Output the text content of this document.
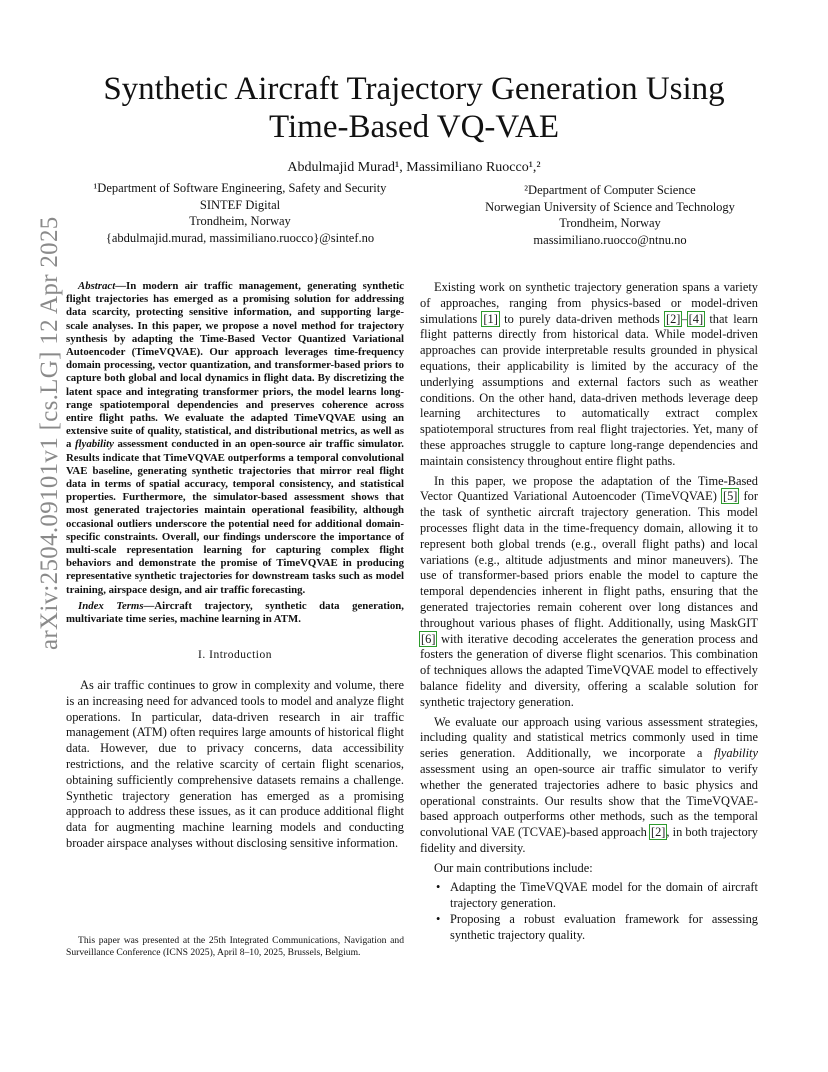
arXiv:2504.09101v1 [cs.LG] 12 Apr 2025
Synthetic Aircraft Trajectory Generation Using Time-Based VQ-VAE
Abdulmajid Murad¹, Massimiliano Ruocco¹,²
¹Department of Software Engineering, Safety and Security
SINTEF Digital
Trondheim, Norway
{abdulmajid.murad, massimiliano.ruocco}@sintef.no
²Department of Computer Science
Norwegian University of Science and Technology
Trondheim, Norway
massimiliano.ruocco@ntnu.no

Abstract—In modern air traffic management, generating synthetic flight trajectories has emerged as a promising solution for addressing data scarcity, protecting sensitive information, and supporting large-scale analyses. In this paper, we propose a novel method for trajectory synthesis by adapting the Time-Based Vector Quantized Variational Autoencoder (TimeVQVAE). Our approach leverages time-frequency domain processing, vector quantization, and transformer-based priors to capture both global and local dynamics in flight data. By discretizing the latent space and integrating transformer priors, the model learns long-range spatiotemporal dependencies and preserves coherence across entire flight paths. We evaluate the adapted TimeVQVAE using an extensive suite of quality, statistical, and distributional metrics, as well as a flyability assessment conducted in an open-source air traffic simulator. Results indicate that TimeVQVAE outperforms a temporal convolutional VAE baseline, generating synthetic trajectories that mirror real flight data in terms of spatial accuracy, temporal consistency, and statistical properties. Furthermore, the simulator-based assessment shows that most generated trajectories maintain operational feasibility, although occasional outliers underscore the potential need for additional domain-specific constraints. Overall, our findings underscore the importance of multi-scale representation learning for capturing complex flight behaviors and demonstrate the promise of TimeVQVAE in producing representative synthetic trajectories for downstream tasks such as model training, airspace design, and air traffic forecasting.

Index Terms—Aircraft trajectory, synthetic data generation, multivariate time series, machine learning in ATM.

I. Introduction

As air traffic continues to grow in complexity and volume, there is an increasing need for advanced tools to model and analyze flight operations. In particular, data-driven research in air traffic management (ATM) often requires large amounts of historical flight data. However, due to privacy concerns, data accessibility restrictions, and the relative scarcity of certain flight scenarios, obtaining sufficiently comprehensive datasets remains a challenge. Synthetic trajectory generation has emerged as a promising approach to address these issues, as it can produce additional flight data for augmenting machine learning models and conducting broader airspace analyses without disclosing sensitive information.

This paper was presented at the 25th Integrated Communications, Navigation and Surveillance Conference (ICNS 2025), April 8–10, 2025, Brussels, Belgium.

Existing work on synthetic trajectory generation spans a variety of approaches, ranging from physics-based or model-driven simulations [1] to purely data-driven methods [2]–[4] that learn flight patterns directly from historical data. While model-driven approaches can provide interpretable results grounded in physical equations, their applicability is limited by the accuracy of the underlying assumptions and external factors such as weather conditions. On the other hand, data-driven methods leverage deep learning architectures to automatically extract complex spatiotemporal structures from real flight trajectories. Yet, many of these approaches struggle to capture long-range dependencies and maintain consistency throughout entire flight paths.

In this paper, we propose the adaptation of the Time-Based Vector Quantized Variational Autoencoder (TimeVQVAE) [5] for the task of synthetic aircraft trajectory generation. This model processes flight data in the time-frequency domain, allowing it to represent both global trends (e.g., overall flight paths) and local variations (e.g., altitude adjustments and minor maneuvers). The use of transformer-based priors enable the model to capture the temporal dependencies inherent in flight paths, ensuring that the generated trajectories remain coherent over long distances and throughout various phases of flight. Additionally, using MaskGIT [6] with iterative decoding accelerates the generation process and fosters the generation of diverse flight scenarios. This combination of techniques allows the adapted TimeVQVAE model to effectively balance fidelity and diversity, offering a scalable solution for synthetic trajectory generation.

We evaluate our approach using various assessment strategies, including quality and statistical metrics commonly used in time series generation. Additionally, we incorporate a flyability assessment using an open-source air traffic simulator to verify whether the generated trajectories adhere to basic physics and operational constraints. Our results show that the TimeVQVAE-based approach outperforms other methods, such as the temporal convolutional VAE (TCVAE)-based approach [2], in both trajectory fidelity and diversity.

Our main contributions include:

• Adapting the TimeVQVAE model for the domain of aircraft trajectory generation.
• Proposing a robust evaluation framework for assessing synthetic trajectory quality.
